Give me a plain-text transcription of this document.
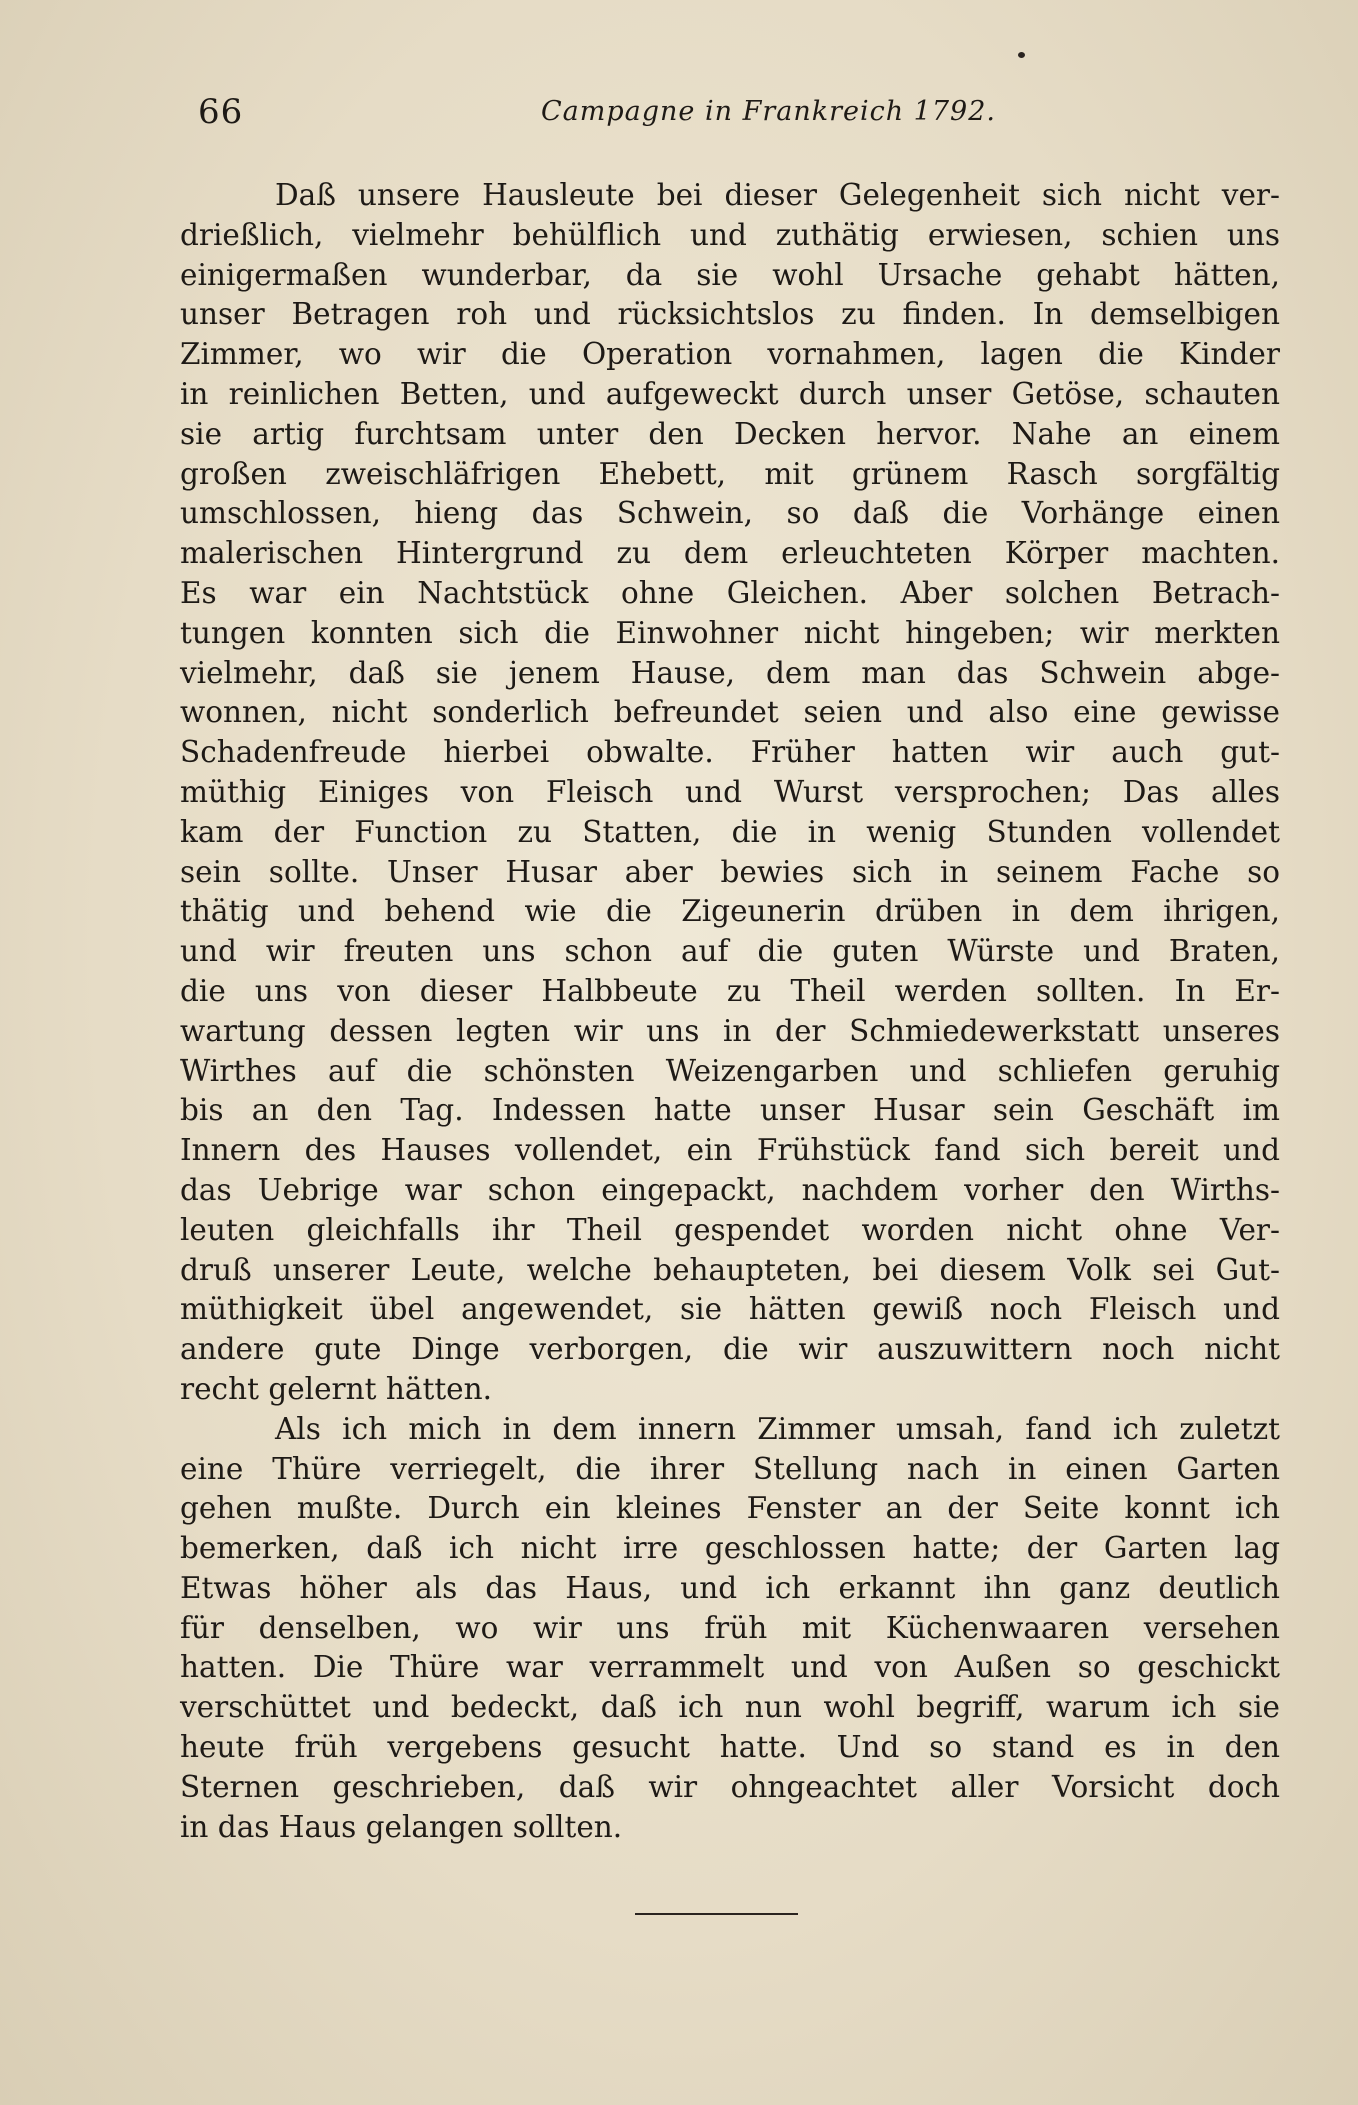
66	Campagne in Frankreich 1792.
Daß unsere Hausleute bei dieser Gelegenheit sich nicht ver-
drießlich, vielmehr behülflich und zuthätig erwiesen, schien uns
einigermaßen wunderbar, da sie wohl Ursache gehabt hätten,
unser Betragen roh und rücksichtslos zu finden. In demselbigen
Zimmer, wo wir die Operation vornahmen, lagen die Kinder
in reinlichen Betten, und aufgeweckt durch unser Getöse, schauten
sie artig furchtsam unter den Decken hervor. Nahe an einem
großen zweischläfrigen Ehebett, mit grünem Rasch sorgfältig
umschlossen, hieng das Schwein, so daß die Vorhänge einen
malerischen Hintergrund zu dem erleuchteten Körper machten.
Es war ein Nachtstück ohne Gleichen. Aber solchen Betrach-
tungen konnten sich die Einwohner nicht hingeben; wir merkten
vielmehr, daß sie jenem Hause, dem man das Schwein abge-
wonnen, nicht sonderlich befreundet seien und also eine gewisse
Schadenfreude hierbei obwalte. Früher hatten wir auch gut-
müthig Einiges von Fleisch und Wurst versprochen; Das alles
kam der Function zu Statten, die in wenig Stunden vollendet
sein sollte. Unser Husar aber bewies sich in seinem Fache so
thätig und behend wie die Zigeunerin drüben in dem ihrigen,
und wir freuten uns schon auf die guten Würste und Braten,
die uns von dieser Halbbeute zu Theil werden sollten. In Er-
wartung dessen legten wir uns in der Schmiedewerkstatt unseres
Wirthes auf die schönsten Weizengarben und schliefen geruhig
bis an den Tag. Indessen hatte unser Husar sein Geschäft im
Innern des Hauses vollendet, ein Frühstück fand sich bereit und
das Uebrige war schon eingepackt, nachdem vorher den Wirths-
leuten gleichfalls ihr Theil gespendet worden nicht ohne Ver-
druß unserer Leute, welche behaupteten, bei diesem Volk sei Gut-
müthigkeit übel angewendet, sie hätten gewiß noch Fleisch und
andere gute Dinge verborgen, die wir auszuwittern noch nicht
recht gelernt hätten.
Als ich mich in dem innern Zimmer umsah, fand ich zuletzt
eine Thüre verriegelt, die ihrer Stellung nach in einen Garten
gehen mußte. Durch ein kleines Fenster an der Seite konnt ich
bemerken, daß ich nicht irre geschlossen hatte; der Garten lag
Etwas höher als das Haus, und ich erkannt ihn ganz deutlich
für denselben, wo wir uns früh mit Küchenwaaren versehen
hatten. Die Thüre war verrammelt und von Außen so geschickt
verschüttet und bedeckt, daß ich nun wohl begriff, warum ich sie
heute früh vergebens gesucht hatte. Und so stand es in den
Sternen geschrieben, daß wir ohngeachtet aller Vorsicht doch
in das Haus gelangen sollten.
